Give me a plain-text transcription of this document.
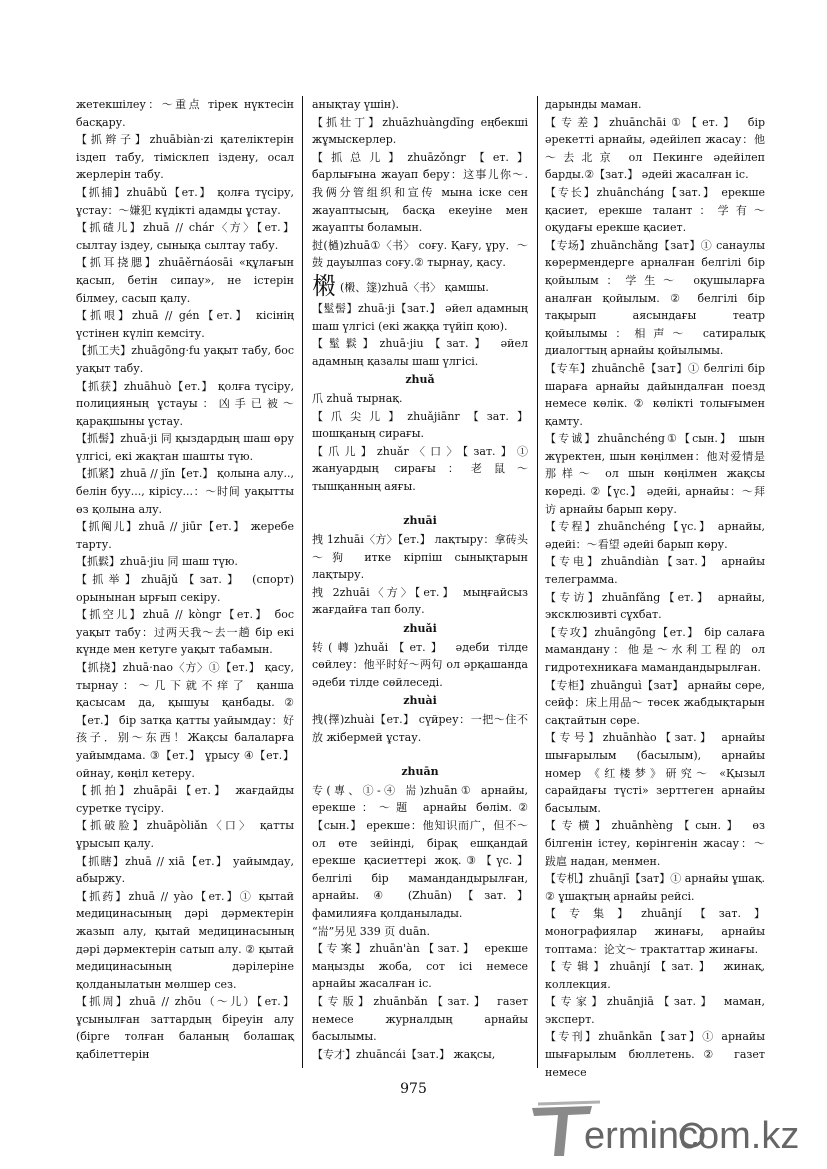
жетекшілеу：～重点 тірек нүктесін басқару.

【抓辫子】zhuābiàn·zi қателіктерін іздеп табу, тімісклеп іздену, осал жерлерін табу.

【抓捕】zhuābǔ【ет.】 қолға түсіру, ұстау：～嫌犯 күдікті адамды ұстау.

【抓碴儿】zhuā // chár〈方〉【ет.】 сылтау іздеу, сынықа сылтау табу.

【抓耳挠腮】zhuāěrnáosāi «құлағын қасып, бетін сипау», не істерін білмеу, сасып қалу.

【抓哏】zhuā // gén【ет.】 кісінің үстінен күліп кемсіту.

【抓工夫】zhuāgōng·fu уақыт табу, бос уақыт табу.

【抓获】zhuāhuò【ет.】 қолға түсіру, полицияның ұстауы：凶手已被～ қарақшыны ұстау.

【抓髻】zhuā·ji 同 қыздардың шаш өру үлгісі, екі жақтан шашты түю.

【抓紧】zhuā // jǐn【ет.】 қолына алу.., белін буу..., кірісу...：～时间 уақытты өз қолына алу.

【抓阄儿】zhuā // jiūr【ет.】 жеребе тарту.

【抓鬏】zhuā·jiu 同 шаш түю.

【抓举】zhuājǔ【зат.】 (спорт) орынынан ырғып секіру.

【抓空儿】zhuā // kòngr【ет.】 бос уақыт табу：过两天我～去一趟 бір екі күнде мен кетуге уақыт табамын.

【抓挠】zhuā·nao〈方〉①【ет.】 қасу, тырнау：～几下就不痒了 қанша қасысам да, қышуы қанбады.②【ет.】 бір затқа қатты уайымдау：好孩子．别～东西！Жақсы балаларға уайымдама. ③【ет.】 ұрысу ④【ет.】 ойнау, көңіл кетеру.

【抓拍】zhuāpāi【ет.】 жағдайды суретке түсіру.

【抓破脸】zhuāpòliǎn〈口〉 қатты ұрысып қалу.

【抓瞎】zhuā // xiā【ет.】 уайымдау, абыржу.

【抓药】zhuā // yào【ет.】① қытай медицинасының дәрі дәрмектерін жазып алу, қытай медицинасының дәрі дәрмектерін сатып алу. ② қытай медицинасының дәрілеріне қолданылатын мөлшер сез.

【抓周】zhuā // zhōu（～儿）【ет.】 ұсынылған заттардың біреуін алу (бірге толған баланың болашақ қабілеттерін

анықтау үшін).

【抓壮丁】zhuāzhuàngdīng еңбекші жұмыскерлер.

【抓总儿】zhuāzǒngr【ет.】 барлығына жауап беру：这事儿你～. 我俩分管组织和宣传 мына іске сен жауаптысың, басқа екеуіне мен жауапты боламын.

挝(檛)zhuā①〈书〉 соғу. Қағу, ұру．～鼓 дауылпаз соғу.② тырнау, қасу.

樧 (樧、篴)zhuā〈书〉 қамшы.

【髽髻】zhuā·ji【зат.】 әйел адамның шаш үлгісі (екі жаққа түйіп қою).

【髽鬏】zhuā·jiu【зат.】 әйел адамның қазалы шаш үлгісі.

zhuǎ

爪 zhuǎ тырнақ.

【爪尖儿】zhuǎjiānr【зат.】 шошқаның сирағы.

【爪儿】zhuǎr〈口〉【зат.】① жануардың сирағы：老鼠～ тышқанның аяғы.

zhuāi

拽 1zhuāi〈方〉【ет.】 лақтыру：拿砖头～狗 итке кірпіш сынықтарын лақтыру.

拽 2zhuāi〈方〉【ет.】 мыңғайсыз жағдайға тап болу.

zhuǎi

转(轉)zhuǎi【ет.】 әдеби тілде сөйлеу：他平时好～两句 ол әрқашанда әдеби тілде сөйлеседі.

zhuài

拽(擇)zhuài【ет.】 сүйреу：一把～住不放 жібермей ұстау.

zhuān

专(專、①-④ 耑)zhuān① арнайы, ерекше：～题 арнайы бөлім.②【сын.】 ерекше：他知识而广，但不～ ол өте зейінді, бірақ ешқандай ерекше қасиеттері жоқ.③【үс.】 белгілі бір мамандандырылған, арнайы. ④ (Zhuān)【зат.】 фамилияға қолданылады.

“耑”另见 339 页 duān.

【专案】zhuān'àn【зат.】 ерекше маңызды жоба, сот ісі немесе арнайы жасалған іс.

【专版】zhuānbǎn【зат.】 газет немесе журналдың арнайы басылымы.

【专才】zhuāncái【зат.】 жақсы,

дарынды маман.

【专差】zhuānchāi①【ет.】 бір әрекетті арнайы, әдейілеп жасау：他～去北京 ол Пекинге әдейілеп барды.②【зат.】 әдейі жасалған іс.

【专长】zhuāncháng【зат.】 ерекше қасиет, ерекше талант：学有～ оқудағы ерекше қасиет.

【专场】zhuānchǎng【зат】① санаулы көрермендерге арналған белгілі бір қойылым：学生～ оқушыларға аналған қойылым. ② белгілі бір тақырып аясындағы театр қойылымы：相声～ сатиралық диалогтың арнайы қойылымы.

【专车】zhuānchē【зат】① белгілі бір шараға арнайы дайындалған поезд немесе көлік. ② көлікті толығымен қамту.

【专诚】zhuānchéng①【сын.】 шын жүректен, шын көңілмен：他对爱情是那样～ ол шын көңілмен жақсы көреді. ②【үс.】 әдейі, арнайы：～拜访 арнайы барып көру.

【专程】zhuānchéng【үс.】 арнайы, әдейі：～看望 әдейі барып көру.

【专电】zhuāndiàn【зат.】 арнайы телеграмма.

【专访】zhuānfǎng【ет.】 арнайы, эксклюзивті сұхбат.

【专攻】zhuāngōng【ет.】 бір салаға мамандану：他是～水利工程的 ол гидротехникаға мамандандырылған.

【专柜】zhuānguì【зат】 арнайы сөре, сейф：床上用品～ төсек жабдықтарын сақтайтын сөре.

【专号】zhuānhào【зат.】 арнайы шығарылым (басылым), арнайы номер 《红楼梦》研究～ «Қызыл сарайдағы түсті» зерттеген арнайы басылым.

【专横】zhuānhèng【сын.】 өз білгенін істеу, көрінгенін жасау：～跋扈 надан, менмен.

【专机】zhuānjī【зат】① арнайы ұшақ. ② ұшақтың арнайы рейсі.

【专集】zhuānjí【зат.】 монографиялар жинағы, арнайы топтама：论文～ трактаттар жинағы.

【专辑】zhuānjí【зат.】 жинақ, коллекция.

【专家】zhuānjiā【зат.】 маман, эксперт.

【专刊】zhuānkān【зат】① арнайы шығарылым бюллетень.② газет немесе

975
ermincom.kz
